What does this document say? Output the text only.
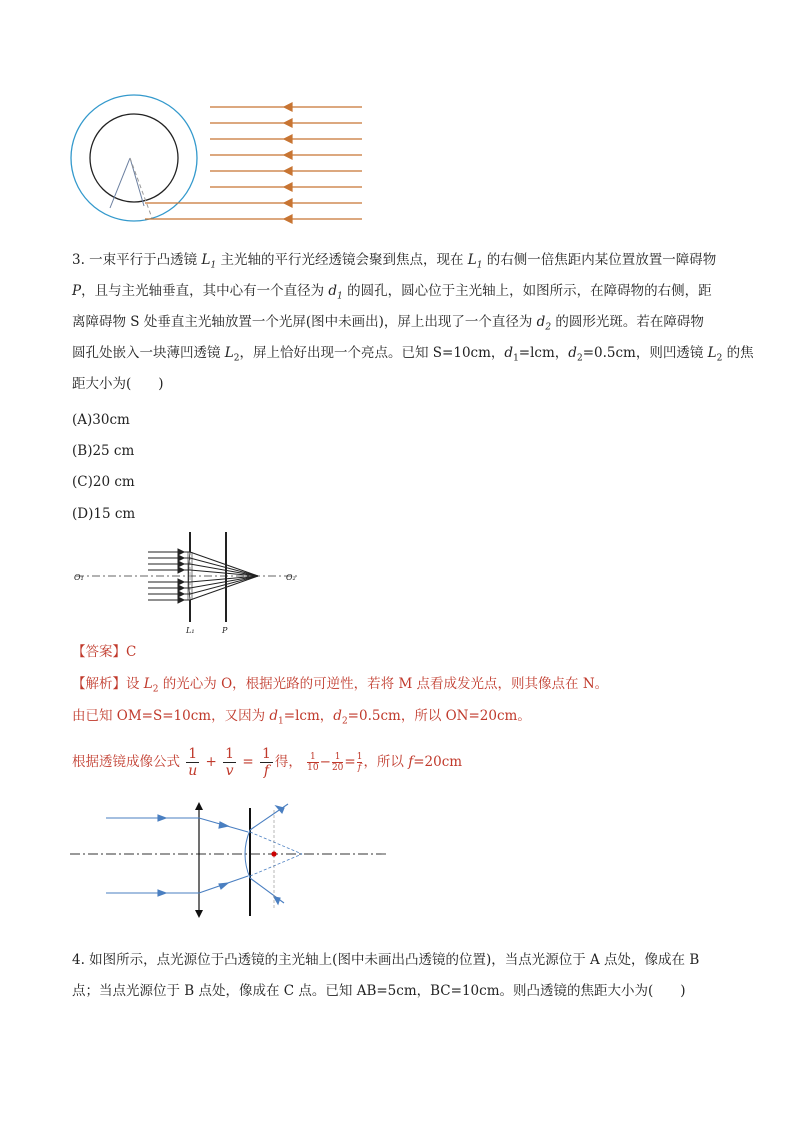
3. 一束平行于凸透镜 $L_1$ 主光轴的平行光经透镜会聚到焦点，现在 $L_1$ 的右侧一倍焦距内某位置放置一障碍物
P，且与主光轴垂直，其中心有一个直径为 $d_1$ 的圆孔，圆心位于主光轴上，如图所示，在障碍物的右侧，距
离障碍物 S 处垂直主光轴放置一个光屏(图中未画出)，屏上出现了一个直径为 $d_2$ 的圆形光斑。若在障碍物
圆孔处嵌入一块薄凹透镜 $L_2$，屏上恰好出现一个亮点。已知 S=10cm，$d_1=lcm$，$d_2=0.5cm$，则凹透镜 $L_2$ 的焦
距大小为(　　)
(A)30cm
(B)25 cm
(C)20 cm
(D)15 cm
O₁	O₂
L₁	P
【答案】C
【解析】设 $L_2$ 的光心为 O，根据光路的可逆性，若将 M 点看成发光点，则其像点在 N。
由已知 OM=S=10cm，又因为 $d_1=lcm$，$d_2=0.5cm$，所以 ON=20cm。
根据透镜成像公式 $\frac{1}{u} + \frac{1}{v} = \frac{1}{f}$ 得， $\frac{1}{10} - \frac{1}{20} = \frac{1}{f}$ ，所以 f=20cm
4. 如图所示，点光源位于凸透镜的主光轴上(图中未画出凸透镜的位置)，当点光源位于 A 点处，像成在 B
点；当点光源位于 B 点处，像成在 C 点。已知 AB=5cm，BC=10cm。则凸透镜的焦距大小为(　　)
